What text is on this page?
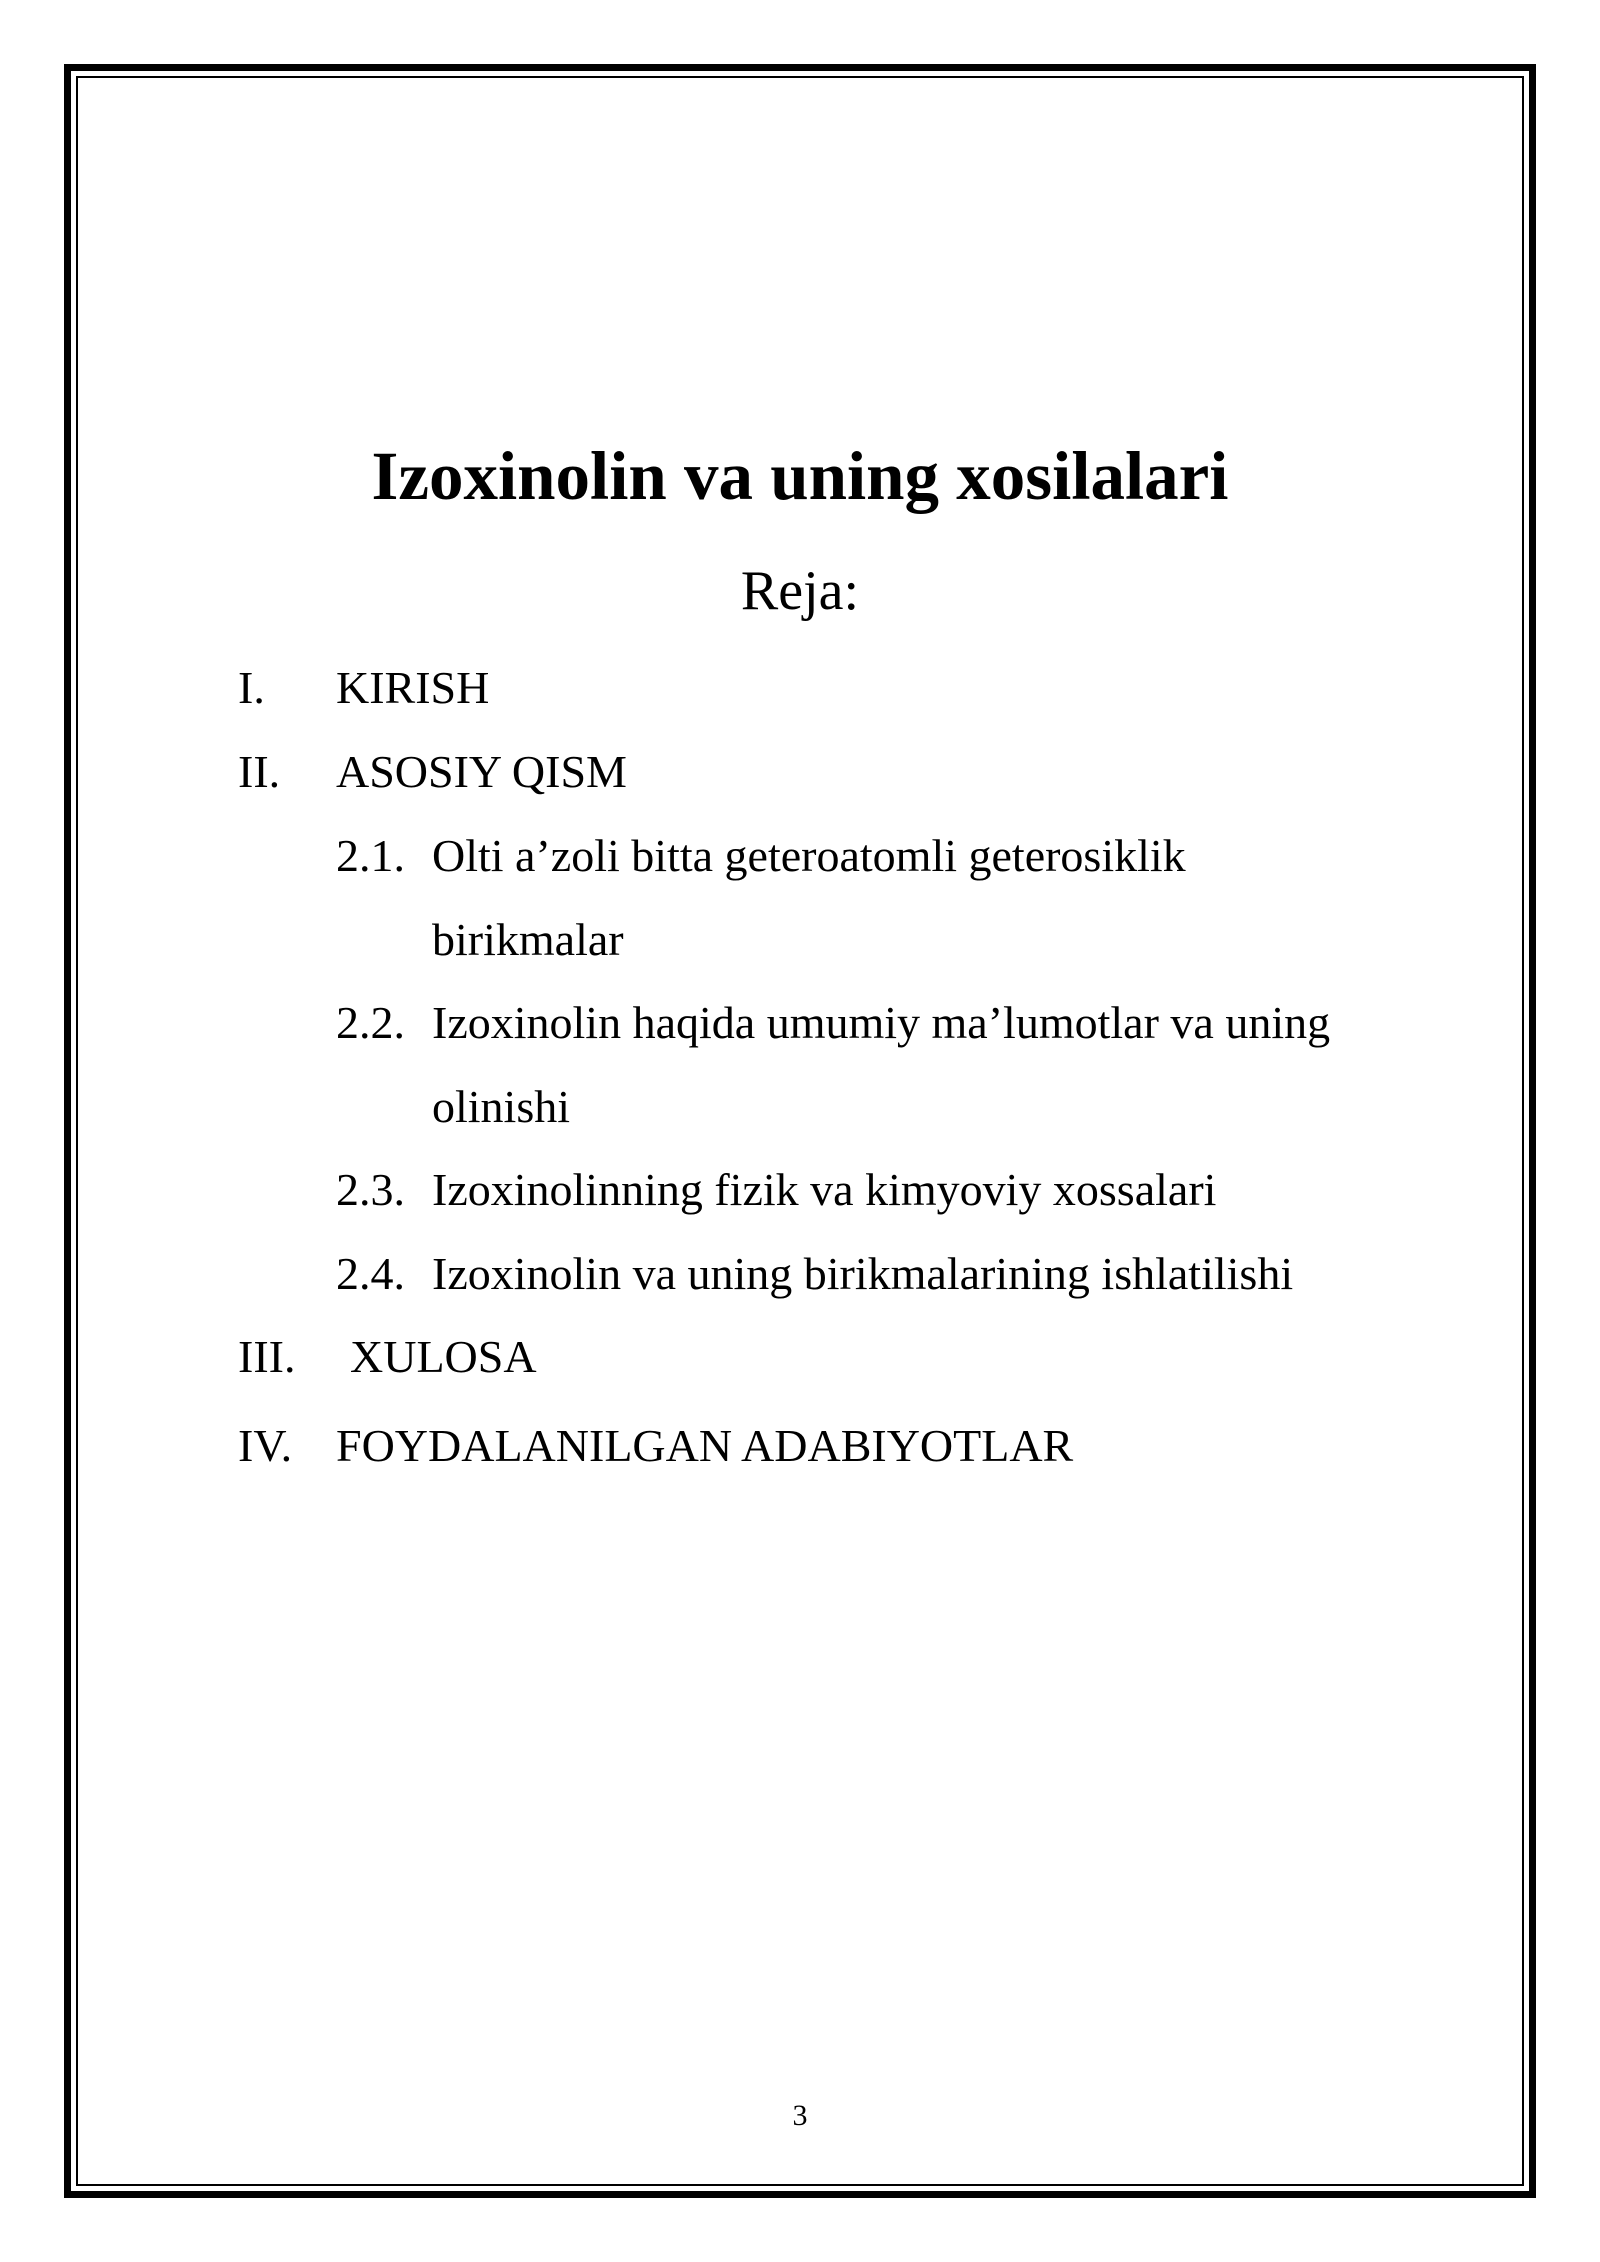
Izoxinolin va uning xosilalari
Reja:
I. KIRISH
II. ASOSIY QISM
2.1. Olti a’zoli bitta geteroatomli geterosiklik
birikmalar
2.2. Izoxinolin haqida umumiy ma’lumotlar va uning
olinishi
2.3. Izoxinolinning fizik va kimyoviy xossalari
2.4. Izoxinolin va uning birikmalarining ishlatilishi
III. XULOSA
IV. FOYDALANILGAN ADABIYOTLAR
3
